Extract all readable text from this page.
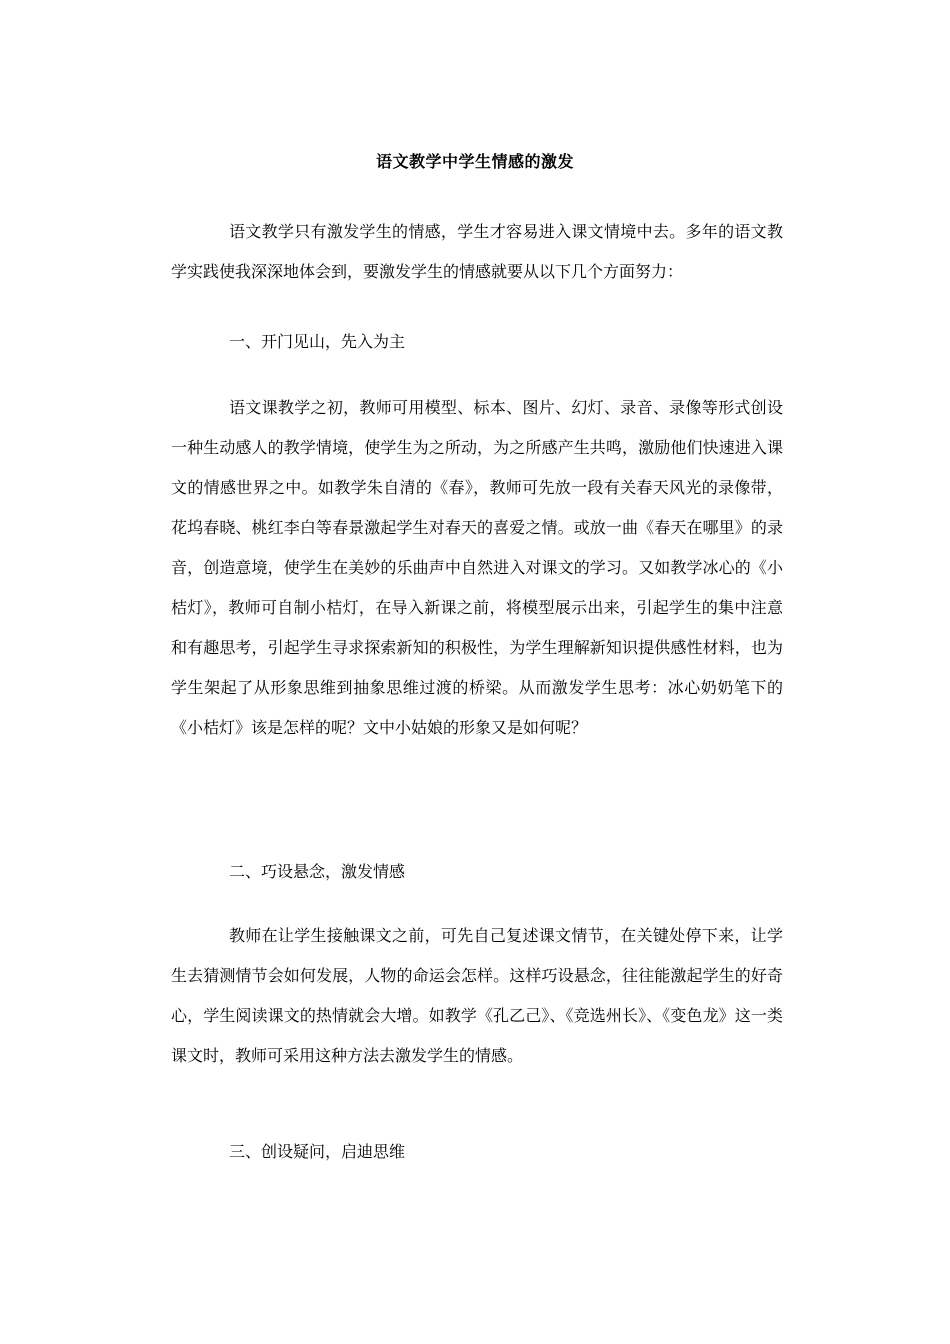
语文教学中学生情感的激发

语文教学只有激发学生的情感，学生才容易进入课文情境中去。多年的语文教学实践使我深深地体会到，要激发学生的情感就要从以下几个方面努力：

一、开门见山，先入为主

语文课教学之初，教师可用模型、标本、图片、幻灯、录音、录像等形式创设一种生动感人的教学情境，使学生为之所动，为之所感产生共鸣，激励他们快速进入课文的情感世界之中。如教学朱自清的《春》，教师可先放一段有关春天风光的录像带，花坞春晓、桃红李白等春景激起学生对春天的喜爱之情。或放一曲《春天在哪里》的录音，创造意境，使学生在美妙的乐曲声中自然进入对课文的学习。又如教学冰心的《小桔灯》，教师可自制小桔灯，在导入新课之前，将模型展示出来，引起学生的集中注意和有趣思考，引起学生寻求探索新知的积极性，为学生理解新知识提供感性材料，也为学生架起了从形象思维到抽象思维过渡的桥梁。从而激发学生思考：冰心奶奶笔下的《小桔灯》该是怎样的呢？文中小姑娘的形象又是如何呢？

二、巧设悬念，激发情感

教师在让学生接触课文之前，可先自己复述课文情节，在关键处停下来，让学生去猜测情节会如何发展，人物的命运会怎样。这样巧设悬念，往往能激起学生的好奇心，学生阅读课文的热情就会大增。如教学《孔乙己》、《竞选州长》、《变色龙》这一类课文时，教师可采用这种方法去激发学生的情感。

三、创设疑问，启迪思维
